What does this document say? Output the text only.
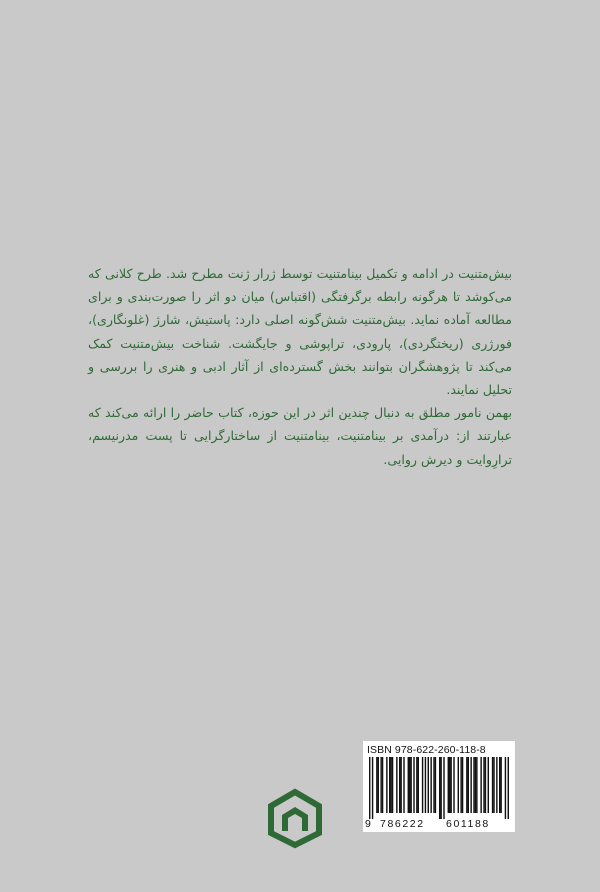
بیش‌متنیت در ادامه و تکمیل بینامتنیت توسط ژرار ژنت مطرح شد. طرح کلانی که می‌کوشد تا هرگونه رابطه برگرفتگی (اقتباس) میان دو اثر را صورت‌بندی و برای مطالعه آماده نماید. بیش‌متنیت شش‌گونه اصلی دارد: پاستیش، شارژ (غلونگاری)، فورژری (ریختگردی)، پارودی، تراپوشی و جایگشت. شناخت بیش‌متنیت کمک می‌کند تا پژوهشگران بتوانند بخش گسترده‌ای از آثار ادبی و هنری را بررسی و تحلیل نمایند.

بهمن نامور مطلق به دنبال چندین اثر در این حوزه، کتاب حاضر را ارائه می‌کند که عبارتند از: درآمدی بر بینامتنیت، بینامتنیت از ساختارگرایی تا پست مدرنیسم، ترارِوایت و دیرش روایی.

ISBN 978-622-260-118-8
9 786222 601188
